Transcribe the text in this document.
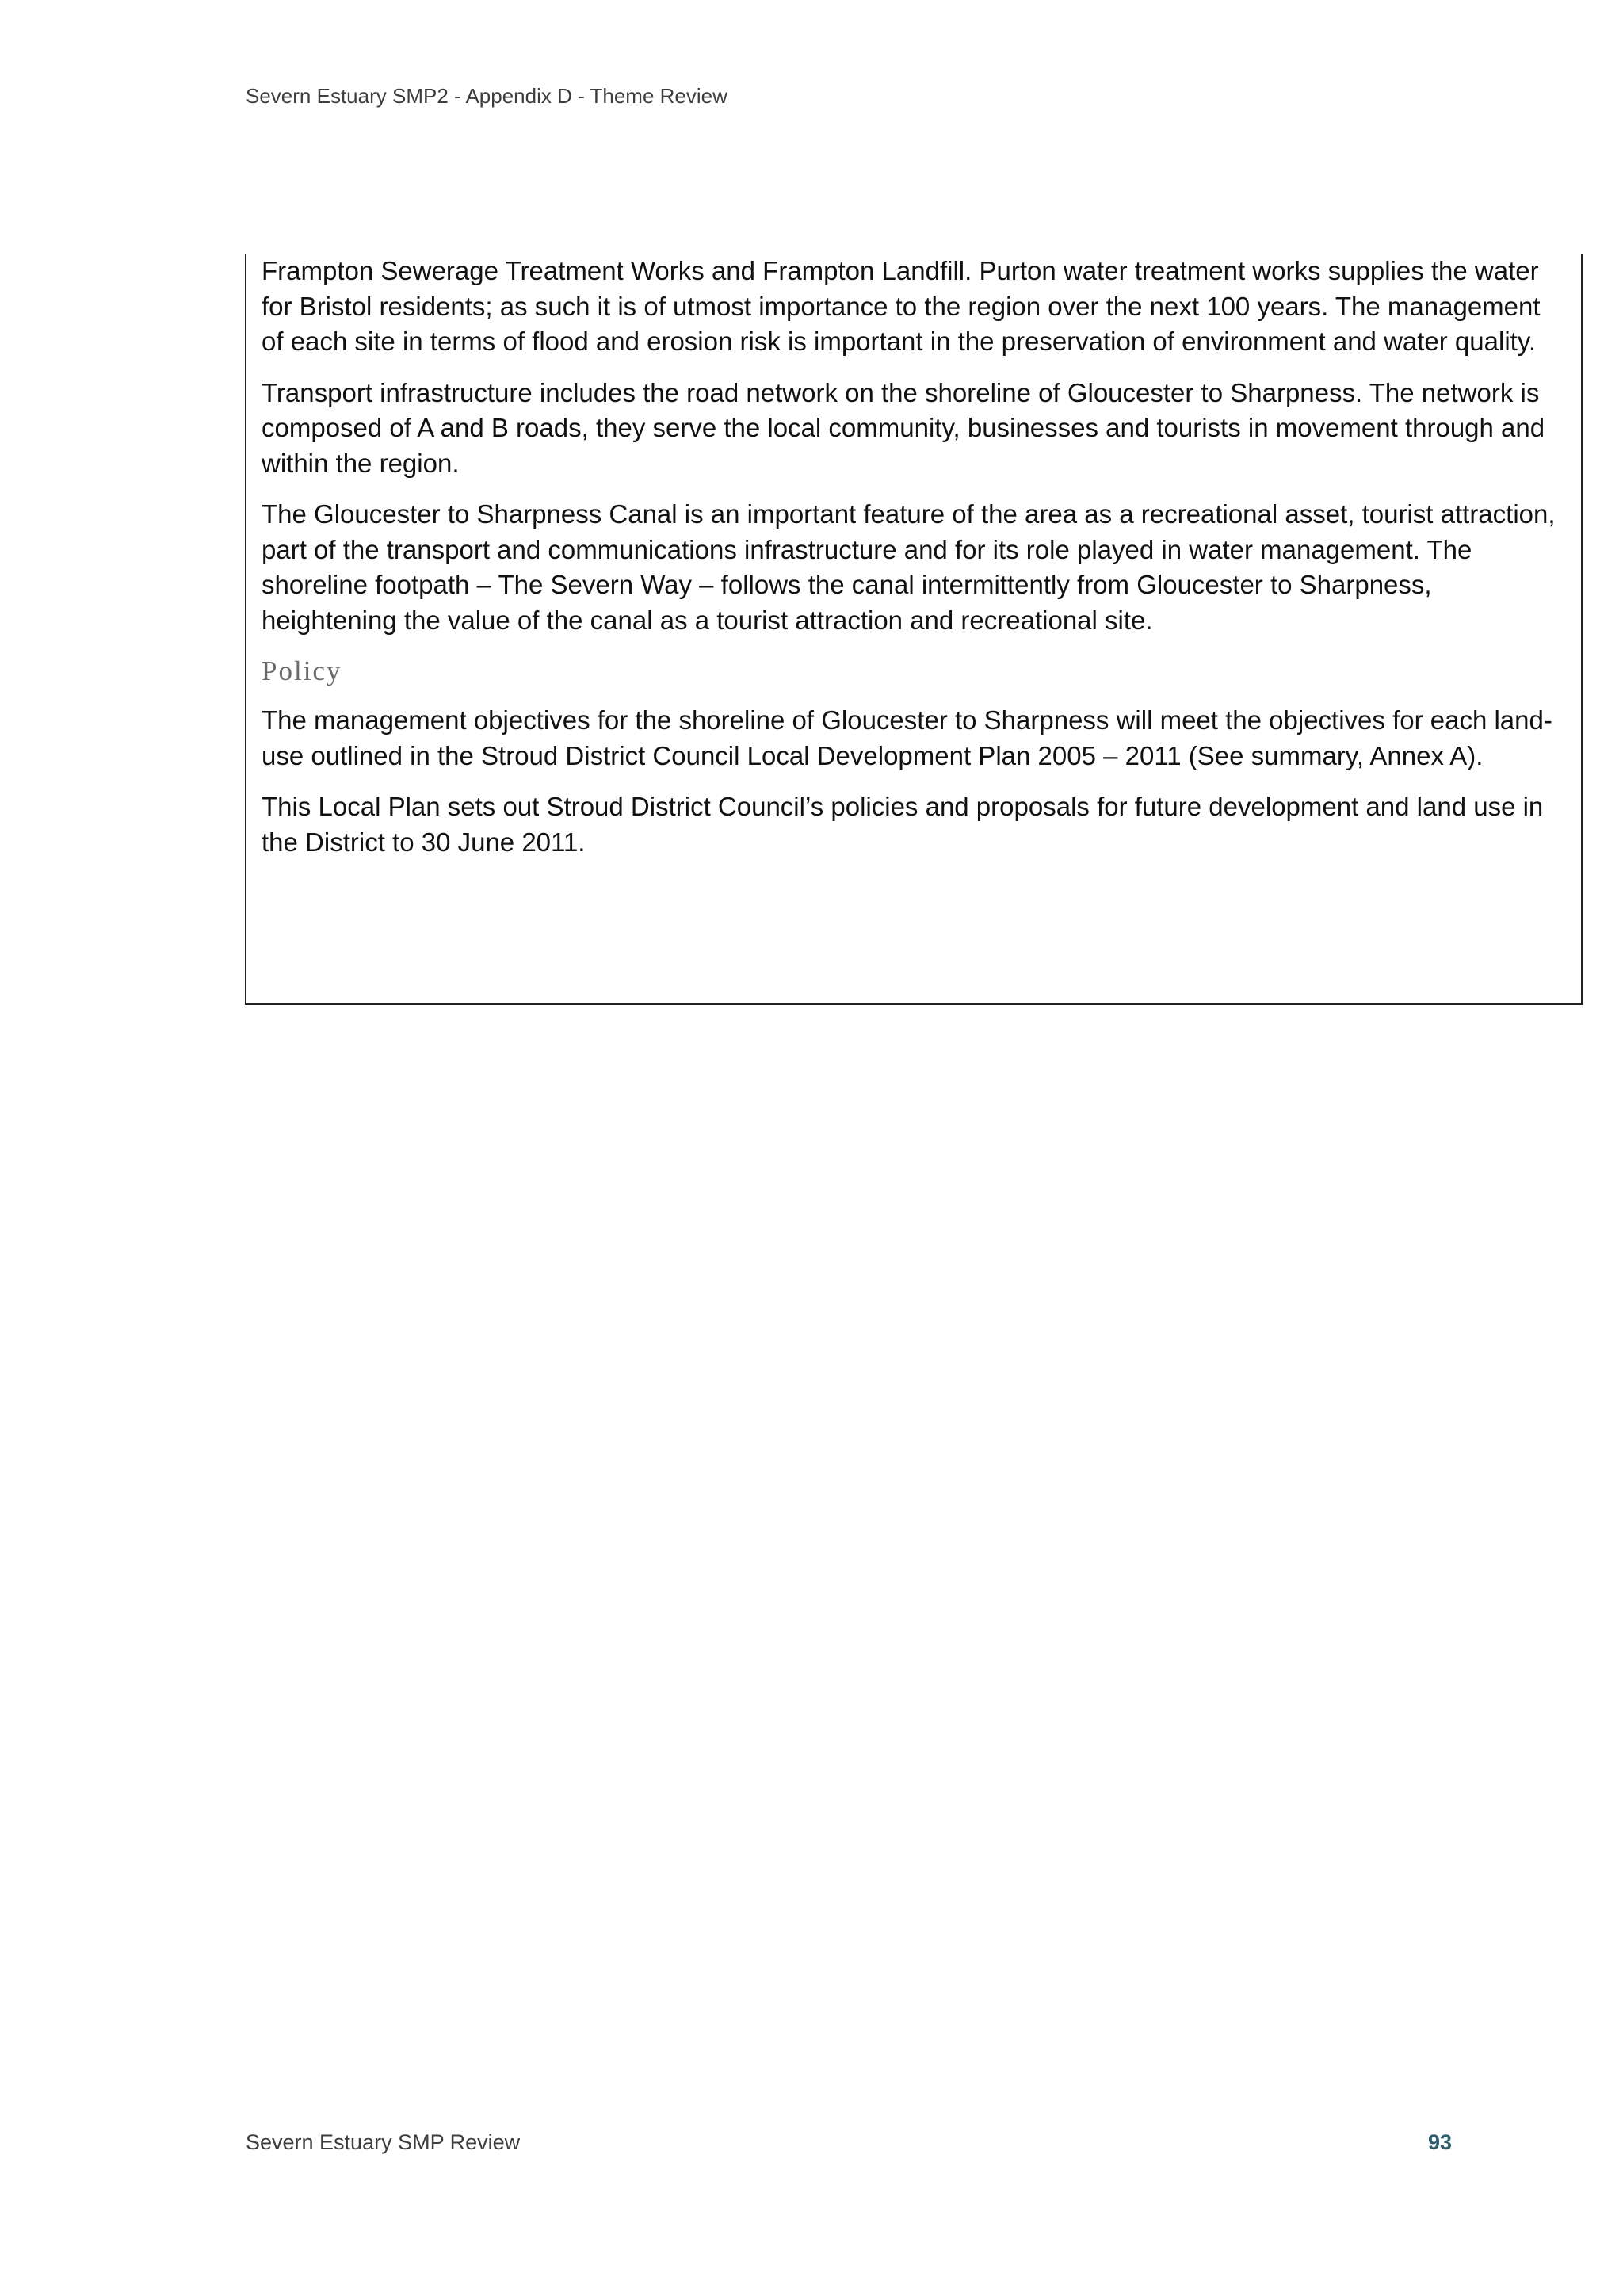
Severn Estuary SMP2 - Appendix D - Theme Review

Frampton Sewerage Treatment Works and Frampton Landfill. Purton water treatment works supplies the water for Bristol residents; as such it is of utmost importance to the region over the next 100 years. The management of each site in terms of flood and erosion risk is important in the preservation of environment and water quality.

Transport infrastructure includes the road network on the shoreline of Gloucester to Sharpness. The network is composed of A and B roads, they serve the local community, businesses and tourists in movement through and within the region.

The Gloucester to Sharpness Canal is an important feature of the area as a recreational asset, tourist attraction, part of the transport and communications infrastructure and for its role played in water management. The shoreline footpath – The Severn Way – follows the canal intermittently from Gloucester to Sharpness, heightening the value of the canal as a tourist attraction and recreational site.

Policy

The management objectives for the shoreline of Gloucester to Sharpness will meet the objectives for each land-use outlined in the Stroud District Council Local Development Plan 2005 – 2011 (See summary, Annex A).

This Local Plan sets out Stroud District Council’s policies and proposals for future development and land use in the District to 30 June 2011.

Severn Estuary SMP Review	93
